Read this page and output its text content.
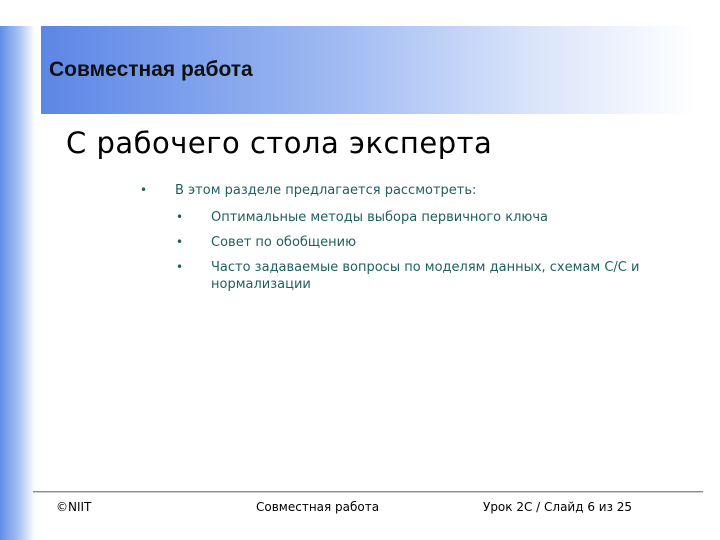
Совместная работа
С рабочего стола эксперта
• В этом разделе предлагается рассмотреть:
• Оптимальные методы выбора первичного ключа
• Совет по обобщению
• Часто задаваемые вопросы по моделям данных, схемам С/С и нормализации
©NIIT	Совместная работа	Урок 2C / Слайд 6 из 25
